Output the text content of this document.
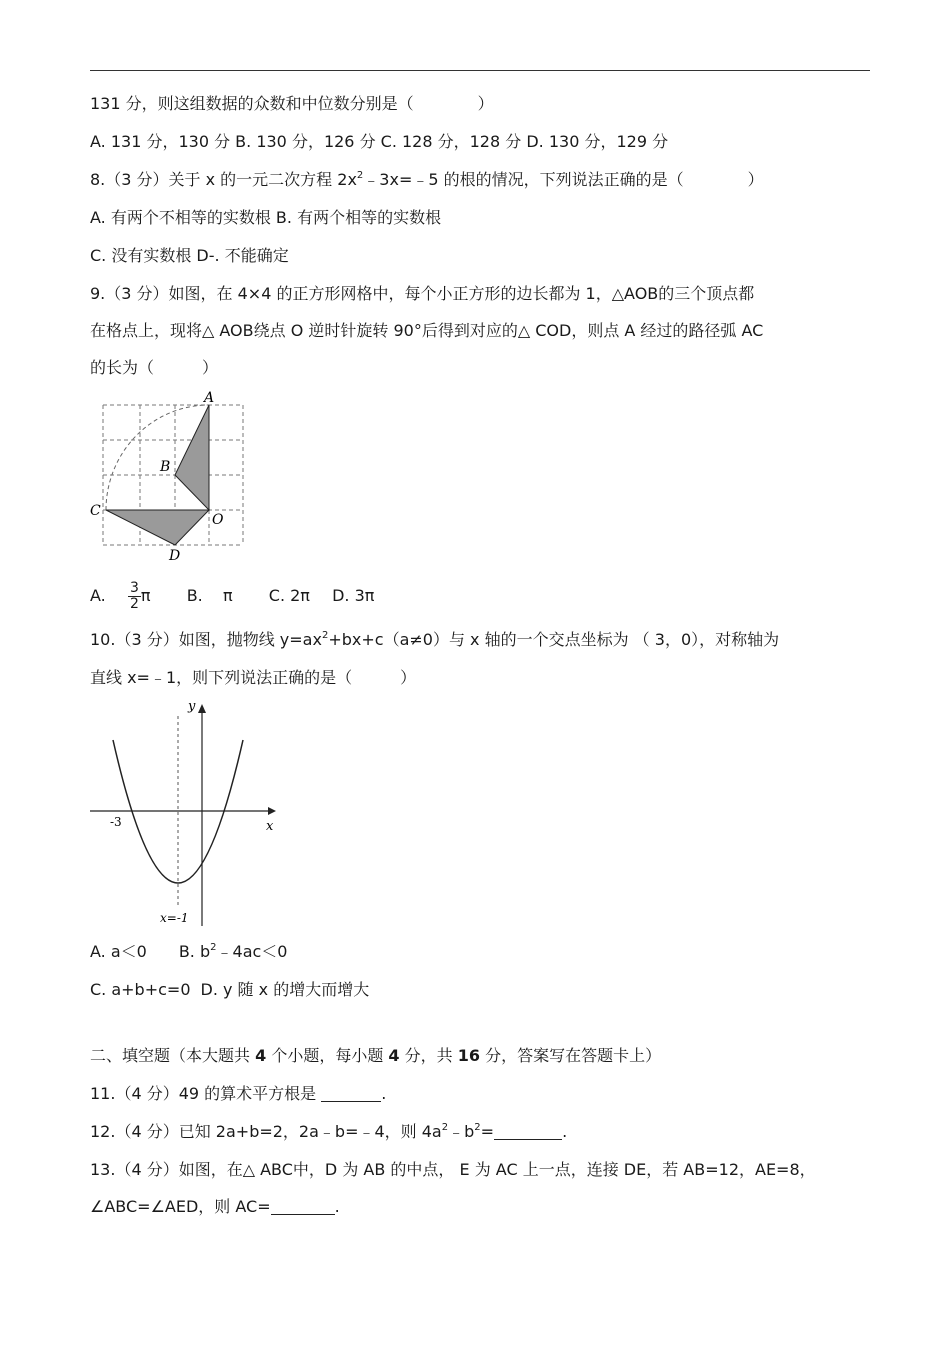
131 分，则这组数据的众数和中位数分别是（　　　　）
A. 131 分，130 分 B. 130 分，126 分 C. 128 分，128 分 D. 130 分，129 分
8.（3 分）关于 x 的一元二次方程 $2x^2﹣3x=﹣5$ 的根的情况，下列说法正确的是（　　　　）
A. 有两个不相等的实数根 B. 有两个相等的实数根
C. 没有实数根 D-. 不能确定
9.（3 分）如图，在 4×4 的正方形网格中，每个小正方形的边长都为 1，△AOB的三个顶点都
在格点上，现将△ AOB绕点 O 逆时针旋转 90°后得到对应的△ COD，则点 A 经过的路径弧 AC
的长为（　　　）
A
B
C
O
D
A. $\frac{3}{2}$ π B. π C. 2π D. 3π
10.（3 分）如图，抛物线 $y=ax^2+bx+c(a\ne 0)$与 x 轴的一个交点坐标为 （ 3，0），对称轴为
直线 x=﹣1，则下列说法正确的是（　　　）
y
x
-3
x=-1
A. a＜0 B. $b^2﹣4ac<0$
C. a+b+c=0 D. y 随 x 的增大而增大
二、填空题（本大题共 4 个小题，每小题 4 分，共 16 分，答案写在答题卡上）
11.（4 分）49 的算术平方根是	.
12.（4 分）已知 2a+b=2，2a﹣b=﹣4，则 $4a^2﹣b^2=$	.
13.（4 分）如图，在△ ABC中，D 为 AB 的中点， E 为 AC 上一点，连接 DE，若 AB=12，AE=8，
∠ABC=∠AED，则 AC=	.
